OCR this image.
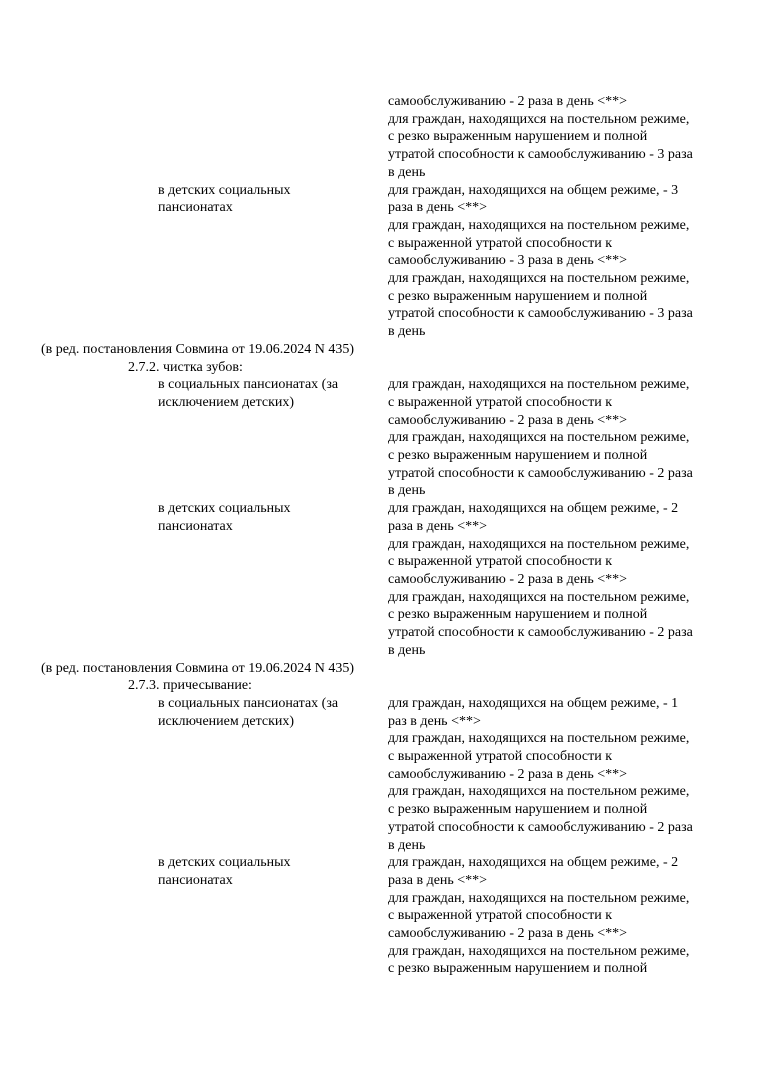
самообслуживанию - 2 раза в день <**>
для граждан, находящихся на постельном режиме,
с резко выраженным нарушением и полной
утратой способности к самообслуживанию - 3 раза
в день
в детских социальных
пансионатах
для граждан, находящихся на общем режиме, - 3
раза в день <**>
для граждан, находящихся на постельном режиме,
с выраженной утратой способности к
самообслуживанию - 3 раза в день <**>
для граждан, находящихся на постельном режиме,
с резко выраженным нарушением и полной
утратой способности к самообслуживанию - 3 раза
в день
(в ред. постановления Совмина от 19.06.2024 N 435)
2.7.2. чистка зубов:
в социальных пансионатах (за
исключением детских)
для граждан, находящихся на постельном режиме,
с выраженной утратой способности к
самообслуживанию - 2 раза в день <**>
для граждан, находящихся на постельном режиме,
с резко выраженным нарушением и полной
утратой способности к самообслуживанию - 2 раза
в день
в детских социальных
пансионатах
для граждан, находящихся на общем режиме, - 2
раза в день <**>
для граждан, находящихся на постельном режиме,
с выраженной утратой способности к
самообслуживанию - 2 раза в день <**>
для граждан, находящихся на постельном режиме,
с резко выраженным нарушением и полной
утратой способности к самообслуживанию - 2 раза
в день
(в ред. постановления Совмина от 19.06.2024 N 435)
2.7.3. причесывание:
в социальных пансионатах (за
исключением детских)
для граждан, находящихся на общем режиме, - 1
раз в день <**>
для граждан, находящихся на постельном режиме,
с выраженной утратой способности к
самообслуживанию - 2 раза в день <**>
для граждан, находящихся на постельном режиме,
с резко выраженным нарушением и полной
утратой способности к самообслуживанию - 2 раза
в день
в детских социальных
пансионатах
для граждан, находящихся на общем режиме, - 2
раза в день <**>
для граждан, находящихся на постельном режиме,
с выраженной утратой способности к
самообслуживанию - 2 раза в день <**>
для граждан, находящихся на постельном режиме,
с резко выраженным нарушением и полной
